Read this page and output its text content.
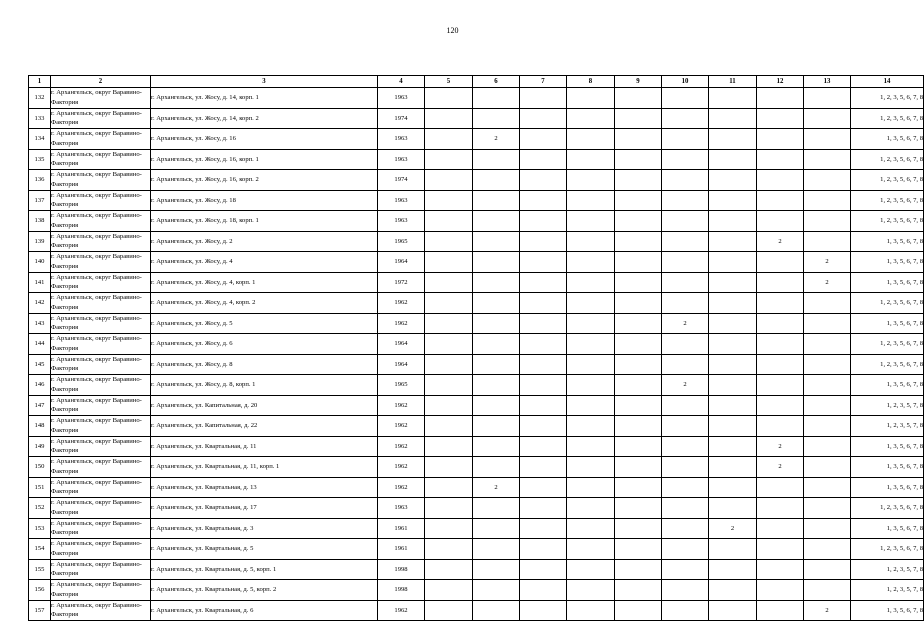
120
1	2	3	4	5	6	7	8	9	10	11	12	13	14
132	г. Архангельск, округ Варавино-Фактория	г. Архангельск, ул. Жосу, д. 14, корп. 1	1963										1, 2, 3, 5, 6, 7, 8
133	г. Архангельск, округ Варавино-Фактория	г. Архангельск, ул. Жосу, д. 14, корп. 2	1974										1, 2, 3, 5, 6, 7, 8
134	г. Архангельск, округ Варавино-Фактория	г. Архангельск, ул. Жосу, д. 16	1963		2								1, 3, 5, 6, 7, 8
135	г. Архангельск, округ Варавино-Фактория	г. Архангельск, ул. Жосу, д. 16, корп. 1	1963										1, 2, 3, 5, 6, 7, 8
136	г. Архангельск, округ Варавино-Фактория	г. Архангельск, ул. Жосу, д. 16, корп. 2	1974										1, 2, 3, 5, 6, 7, 8
137	г. Архангельск, округ Варавино-Фактория	г. Архангельск, ул. Жосу, д. 18	1963										1, 2, 3, 5, 6, 7, 8
138	г. Архангельск, округ Варавино-Фактория	г. Архангельск, ул. Жосу, д. 18, корп. 1	1963										1, 2, 3, 5, 6, 7, 8
139	г. Архангельск, округ Варавино-Фактория	г. Архангельск, ул. Жосу, д. 2	1965								2		1, 3, 5, 6, 7, 8
140	г. Архангельск, округ Варавино-Фактория	г. Архангельск, ул. Жосу, д. 4	1964									2	1, 3, 5, 6, 7, 8
141	г. Архангельск, округ Варавино-Фактория	г. Архангельск, ул. Жосу, д. 4, корп. 1	1972									2	1, 3, 5, 6, 7, 8
142	г. Архангельск, округ Варавино-Фактория	г. Архангельск, ул. Жосу, д. 4, корп. 2	1962										1, 2, 3, 5, 6, 7, 8
143	г. Архангельск, округ Варавино-Фактория	г. Архангельск, ул. Жосу, д. 5	1962						2				1, 3, 5, 6, 7, 8
144	г. Архангельск, округ Варавино-Фактория	г. Архангельск, ул. Жосу, д. 6	1964										1, 2, 3, 5, 6, 7, 8
145	г. Архангельск, округ Варавино-Фактория	г. Архангельск, ул. Жосу, д. 8	1964										1, 2, 3, 5, 6, 7, 8
146	г. Архангельск, округ Варавино-Фактория	г. Архангельск, ул. Жосу, д. 8, корп. 1	1965						2				1, 3, 5, 6, 7, 8
147	г. Архангельск, округ Варавино-Фактория	г. Архангельск, ул. Капитальная, д. 20	1962										1, 2, 3, 5, 7, 8
148	г. Архангельск, округ Варавино-Фактория	г. Архангельск, ул. Капитальная, д. 22	1962										1, 2, 3, 5, 7, 8
149	г. Архангельск, округ Варавино-Фактория	г. Архангельск, ул. Квартальная, д. 11	1962								2		1, 3, 5, 6, 7, 8
150	г. Архангельск, округ Варавино-Фактория	г. Архангельск, ул. Квартальная, д. 11, корп. 1	1962								2		1, 3, 5, 6, 7, 8
151	г. Архангельск, округ Варавино-Фактория	г. Архангельск, ул. Квартальная, д. 13	1962		2								1, 3, 5, 6, 7, 8
152	г. Архангельск, округ Варавино-Фактория	г. Архангельск, ул. Квартальная, д. 17	1963										1, 2, 3, 5, 6, 7, 8
153	г. Архангельск, округ Варавино-Фактория	г. Архангельск, ул. Квартальная, д. 3	1961							2			1, 3, 5, 6, 7, 8
154	г. Архангельск, округ Варавино-Фактория	г. Архангельск, ул. Квартальная, д. 5	1961										1, 2, 3, 5, 6, 7, 8
155	г. Архангельск, округ Варавино-Фактория	г. Архангельск, ул. Квартальная, д. 5, корп. 1	1998										1, 2, 3, 5, 7, 8
156	г. Архангельск, округ Варавино-Фактория	г. Архангельск, ул. Квартальная, д. 5, корп. 2	1998										1, 2, 3, 5, 7, 8
157	г. Архангельск, округ Варавино-Фактория	г. Архангельск, ул. Квартальная, д. 6	1962									2	1, 3, 5, 6, 7, 8
